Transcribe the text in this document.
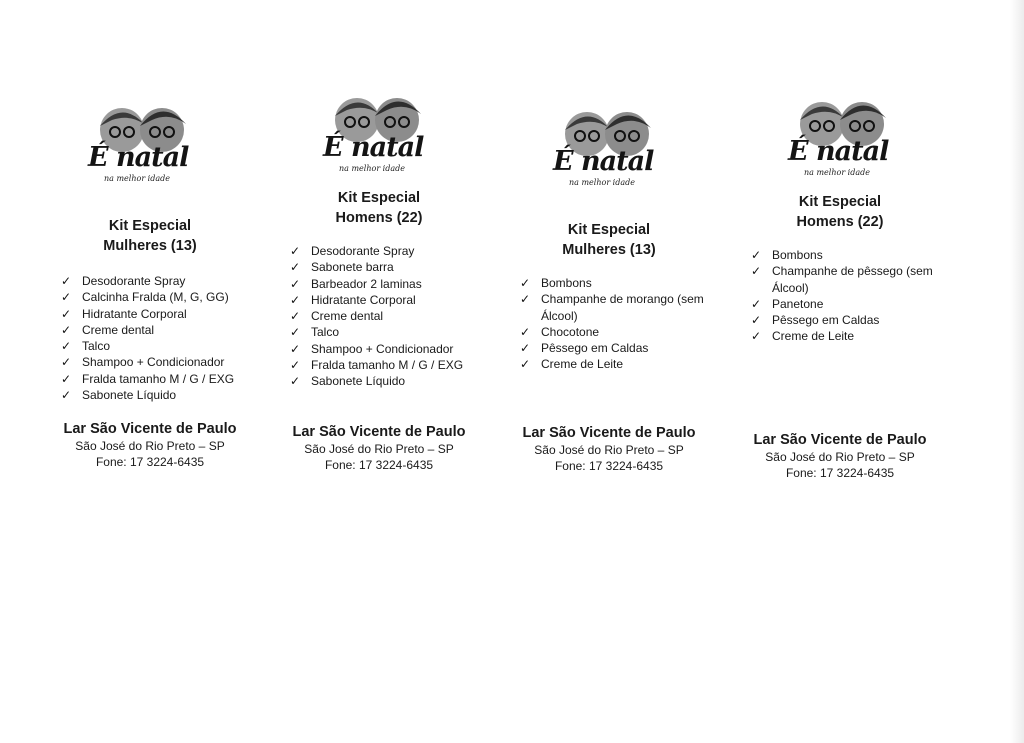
É natal
na melhor idade
Kit Especial
Mulheres (13)
✓ Desodorante Spray
✓ Calcinha Fralda (M, G, GG)
✓ Hidratante Corporal
✓ Creme dental
✓ Talco
✓ Shampoo + Condicionador
✓ Fralda tamanho M / G / EXG
✓ Sabonete Líquido
Lar São Vicente de Paulo
São José do Rio Preto – SP
Fone: 17 3224-6435
É natal
na melhor idade
Kit Especial
Homens (22)
✓ Desodorante Spray
✓ Sabonete barra
✓ Barbeador 2 laminas
✓ Hidratante Corporal
✓ Creme dental
✓ Talco
✓ Shampoo + Condicionador
✓ Fralda tamanho M / G / EXG
✓ Sabonete Líquido
Lar São Vicente de Paulo
São José do Rio Preto – SP
Fone: 17 3224-6435
É natal
na melhor idade
Kit Especial
Mulheres (13)
✓ Bombons
✓ Champanhe de morango (sem Álcool)
✓ Chocotone
✓ Pêssego em Caldas
✓ Creme de Leite
Lar São Vicente de Paulo
São José do Rio Preto – SP
Fone: 17 3224-6435
É natal
na melhor idade
Kit Especial
Homens (22)
✓ Bombons
✓ Champanhe de pêssego (sem Álcool)
✓ Panetone
✓ Pêssego em Caldas
✓ Creme de Leite
Lar São Vicente de Paulo
São José do Rio Preto – SP
Fone: 17 3224-6435
